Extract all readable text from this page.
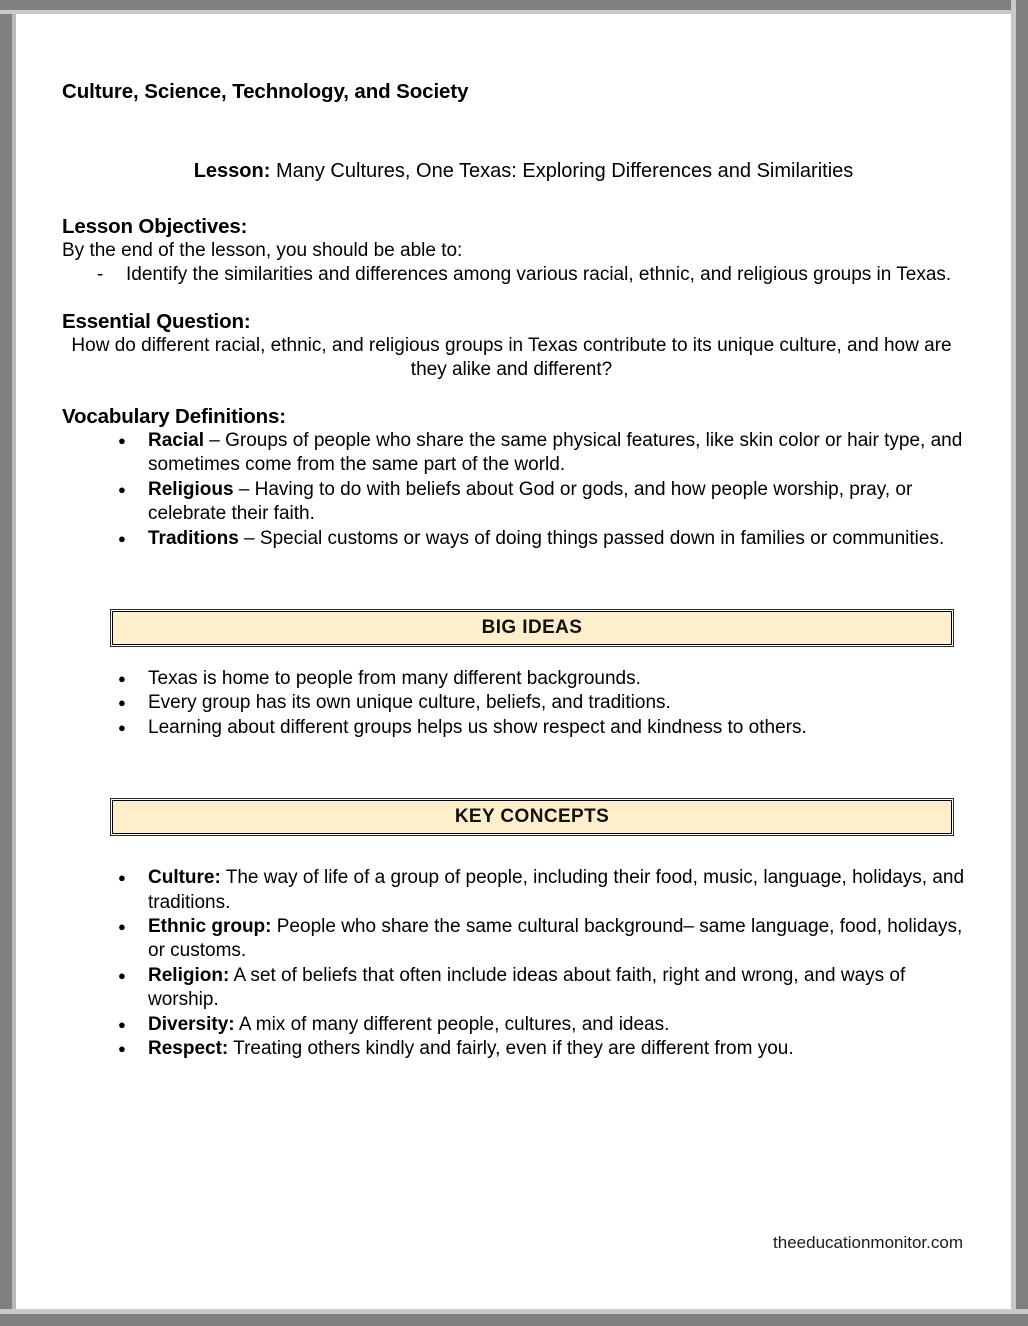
Culture, Science, Technology, and Society

Lesson: Many Cultures, One Texas: Exploring Differences and Similarities

Lesson Objectives:

By the end of the lesson, you should be able to:

- Identify the similarities and differences among various racial, ethnic, and religious groups in Texas.
Essential Question:

How do different racial, ethnic, and religious groups in Texas contribute to its unique culture, and how are they alike and different?

Vocabulary Definitions:
● Racial – Groups of people who share the same physical features, like skin color or hair type, and sometimes come from the same part of the world.
● Religious – Having to do with beliefs about God or gods, and how people worship, pray, or celebrate their faith.
● Traditions – Special customs or ways of doing things passed down in families or communities.
BIG IDEAS
● Texas is home to people from many different backgrounds.
● Every group has its own unique culture, beliefs, and traditions.
● Learning about different groups helps us show respect and kindness to others.
KEY CONCEPTS
● Culture: The way of life of a group of people, including their food, music, language, holidays, and traditions.
● Ethnic group: People who share the same cultural background– same language, food, holidays, or customs.
● Religion: A set of beliefs that often include ideas about faith, right and wrong, and ways of worship.
● Diversity: A mix of many different people, cultures, and ideas.
● Respect: Treating others kindly and fairly, even if they are different from you.
theeducationmonitor.com
